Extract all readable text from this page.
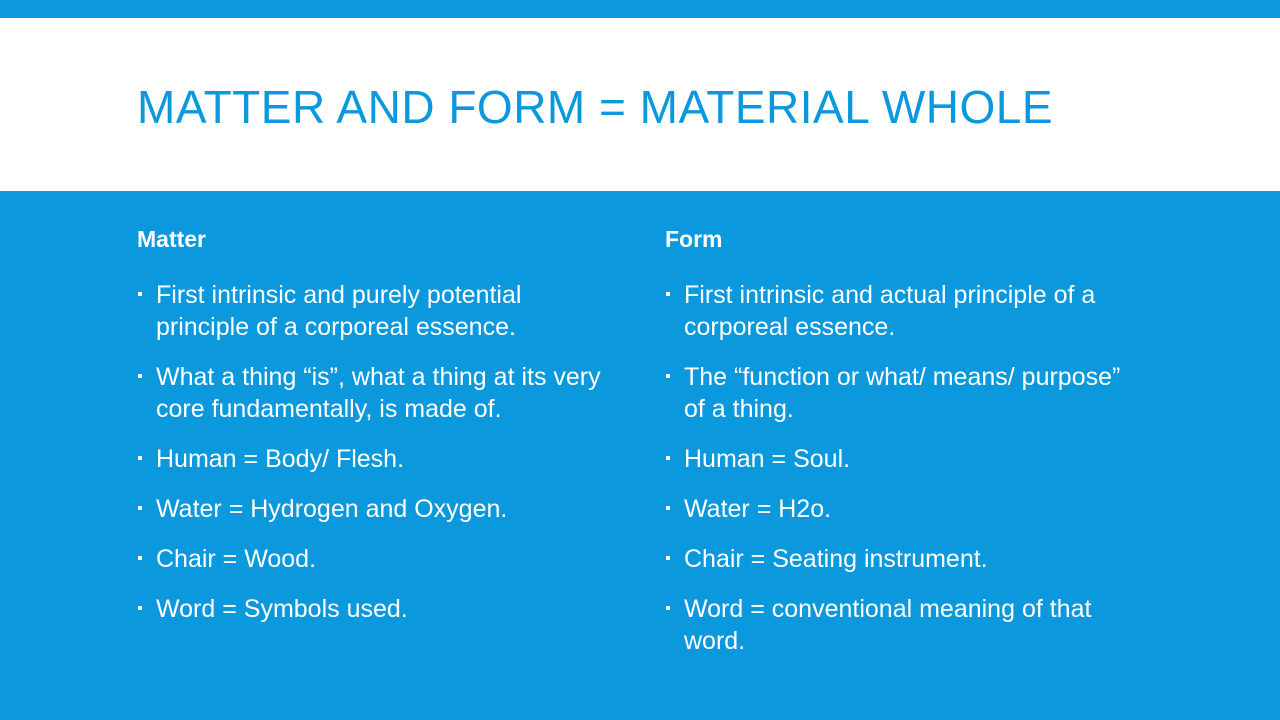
MATTER AND FORM = MATERIAL WHOLE
Matter
First intrinsic and purely potential principle of a corporeal essence.
What a thing “is”, what a thing at its very core fundamentally, is made of.
Human = Body/ Flesh.
Water = Hydrogen and Oxygen.
Chair = Wood.
Word = Symbols used.
Form
First intrinsic and actual principle of a corporeal essence.
The “function or what/ means/ purpose” of a thing.
Human = Soul.
Water = H2o.
Chair = Seating instrument.
Word = conventional meaning of that word.
